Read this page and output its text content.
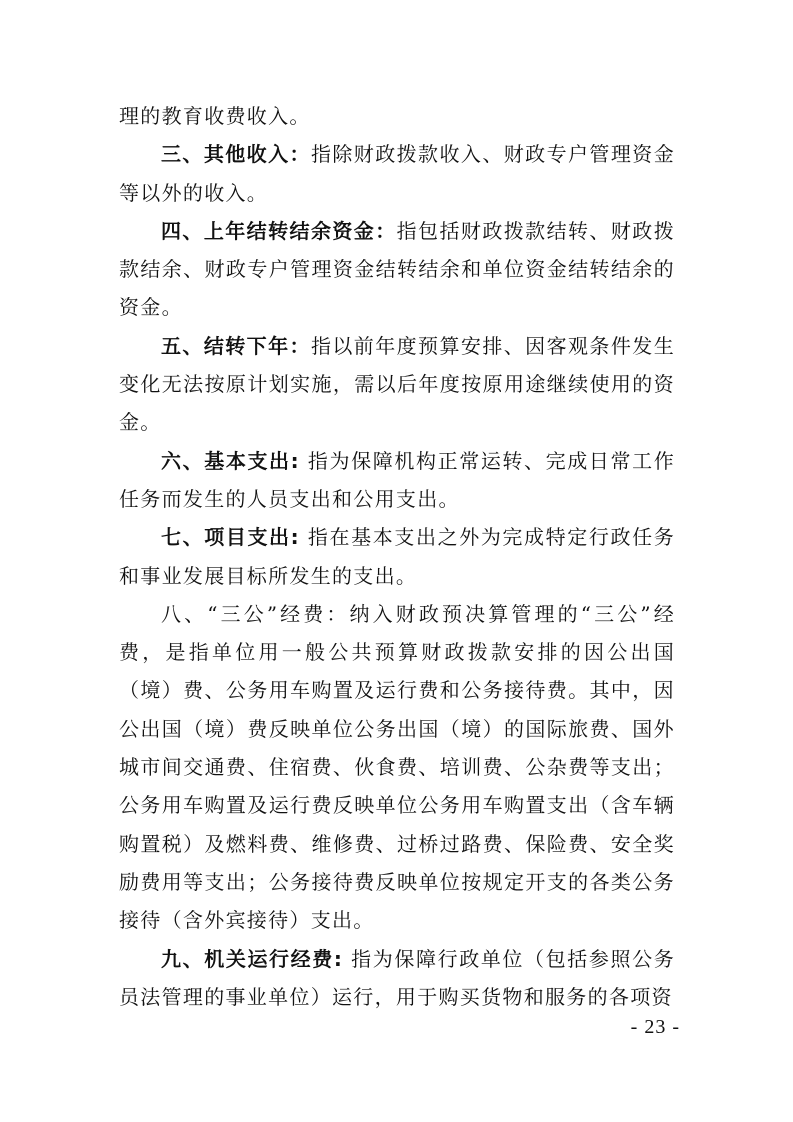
理的教育收费收入。

三、其他收入：指除财政拨款收入、财政专户管理资金等以外的收入。

四、上年结转结余资金：指包括财政拨款结转、财政拨款结余、财政专户管理资金结转结余和单位资金结转结余的资金。

五、结转下年：指以前年度预算安排、因客观条件发生变化无法按原计划实施，需以后年度按原用途继续使用的资金。

六、基本支出: 指为保障机构正常运转、完成日常工作任务而发生的人员支出和公用支出。

七、项目支出: 指在基本支出之外为完成特定行政任务和事业发展目标所发生的支出。

八、“三公”经费：纳入财政预决算管理的“三公”经费，是指单位用一般公共预算财政拨款安排的因公出国（境）费、公务用车购置及运行费和公务接待费。其中，因公出国（境）费反映单位公务出国（境）的国际旅费、国外城市间交通费、住宿费、伙食费、培训费、公杂费等支出；公务用车购置及运行费反映单位公务用车购置支出（含车辆购置税）及燃料费、维修费、过桥过路费、保险费、安全奖励费用等支出；公务接待费反映单位按规定开支的各类公务接待（含外宾接待）支出。

九、机关运行经费: 指为保障行政单位（包括参照公务员法管理的事业单位）运行，用于购买货物和服务的各项资

- 23 -
